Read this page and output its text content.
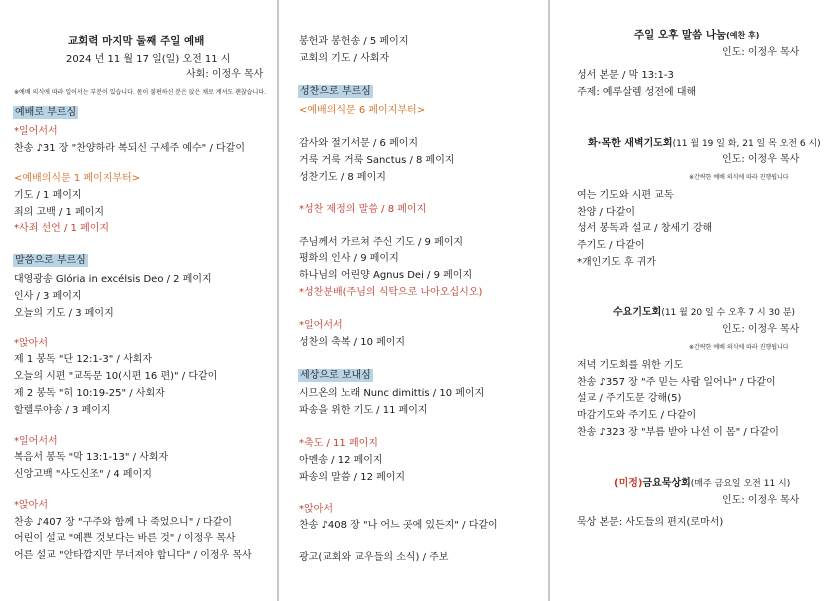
교회력 마지막 둘째 주일 예배
2024 년 11 월 17 일(일) 오전 11 시
사회: 이정우 목사
※예배 의식에 따라 일어서는 부분이 있습니다. 몸이 불편하신 분은 앉은 채로 계셔도 괜찮습니다.
예배로 부르심
*일어서서
찬송 ♪31 장 "찬양하라 복되신 구세주 예수" / 다같이
<예배의식문 1 페이지부터>
기도 / 1 페이지
죄의 고백 / 1 페이지
*사죄 선언 / 1 페이지
말씀으로 부르심
대영광송 Glória in excélsis Deo / 2 페이지
인사 / 3 페이지
오늘의 기도 / 3 페이지
*앉아서
제 1 봉독 "단 12:1-3" / 사회자
오늘의 시편 "교독문 10(시편 16 편)" / 다같이
제 2 봉독 "히 10:19-25" / 사회자
할렐루야송 / 3 페이지
*일어서서
복음서 봉독 "막 13:1-13" / 사회자
신앙고백 "사도신조" / 4 페이지
*앉아서
찬송 ♪407 장 "구주와 함께 나 죽었으니" / 다같이
어린이 설교 "예쁜 것보다는 바른 것" / 이정우 목사
어른 설교 "안타깝지만 무너져야 합니다" / 이정우 목사
봉헌과 봉헌송 / 5 페이지
교회의 기도 / 사회자
성찬으로 부르심
<예배의식문 6 페이지부터>
감사와 절기서문 / 6 페이지
거룩 거룩 거룩 Sanctus / 8 페이지
성찬기도 / 8 페이지
*성찬 제정의 말씀 / 8 페이지
주님께서 가르쳐 주신 기도 / 9 페이지
평화의 인사 / 9 페이지
하나님의 어린양 Agnus Dei / 9 페이지
*성찬분배(주님의 식탁으로 나아오십시오)
*일어서서
성찬의 축복 / 10 페이지
세상으로 보내심
시므온의 노래 Nunc dimittis / 10 페이지
파송을 위한 기도 / 11 페이지
*축도 / 11 페이지
아멘송 / 12 페이지
파송의 말씀 / 12 페이지
*앉아서
찬송 ♪408 장 "나 어느 곳에 있든지" / 다같이
광고(교회와 교우들의 소식) / 주보
주일 오후 말씀 나눔(예찬 후)
인도: 이정우 목사
성서 본문 / 막 13:1-3
주제: 예루살렘 성전에 대해
화·목한 새벽기도회(11 월 19 일 화, 21 일 목 오전 6 시)
인도: 이정우 목사
※간략한 예배 의식에 따라 진행됩니다
여는 기도와 시편 교독
찬양 / 다같이
성서 봉독과 설교 / 창세기 강해
주기도 / 다같이
*개인기도 후 귀가
수요기도회(11 월 20 일 수 오후 7 시 30 분)
인도: 이정우 목사
※간략한 예배 의식에 따라 진행됩니다
저녁 기도회를 위한 기도
찬송 ♪357 장 "주 믿는 사람 일어나" / 다같이
설교 / 주기도문 강해(5)
마감기도와 주기도 / 다같이
찬송 ♪323 장 "부름 받아 나선 이 몸" / 다같이
(미정)금요묵상회(매주 금요일 오전 11 시)
인도: 이정우 목사
묵상 본문: 사도들의 편지(로마서)
